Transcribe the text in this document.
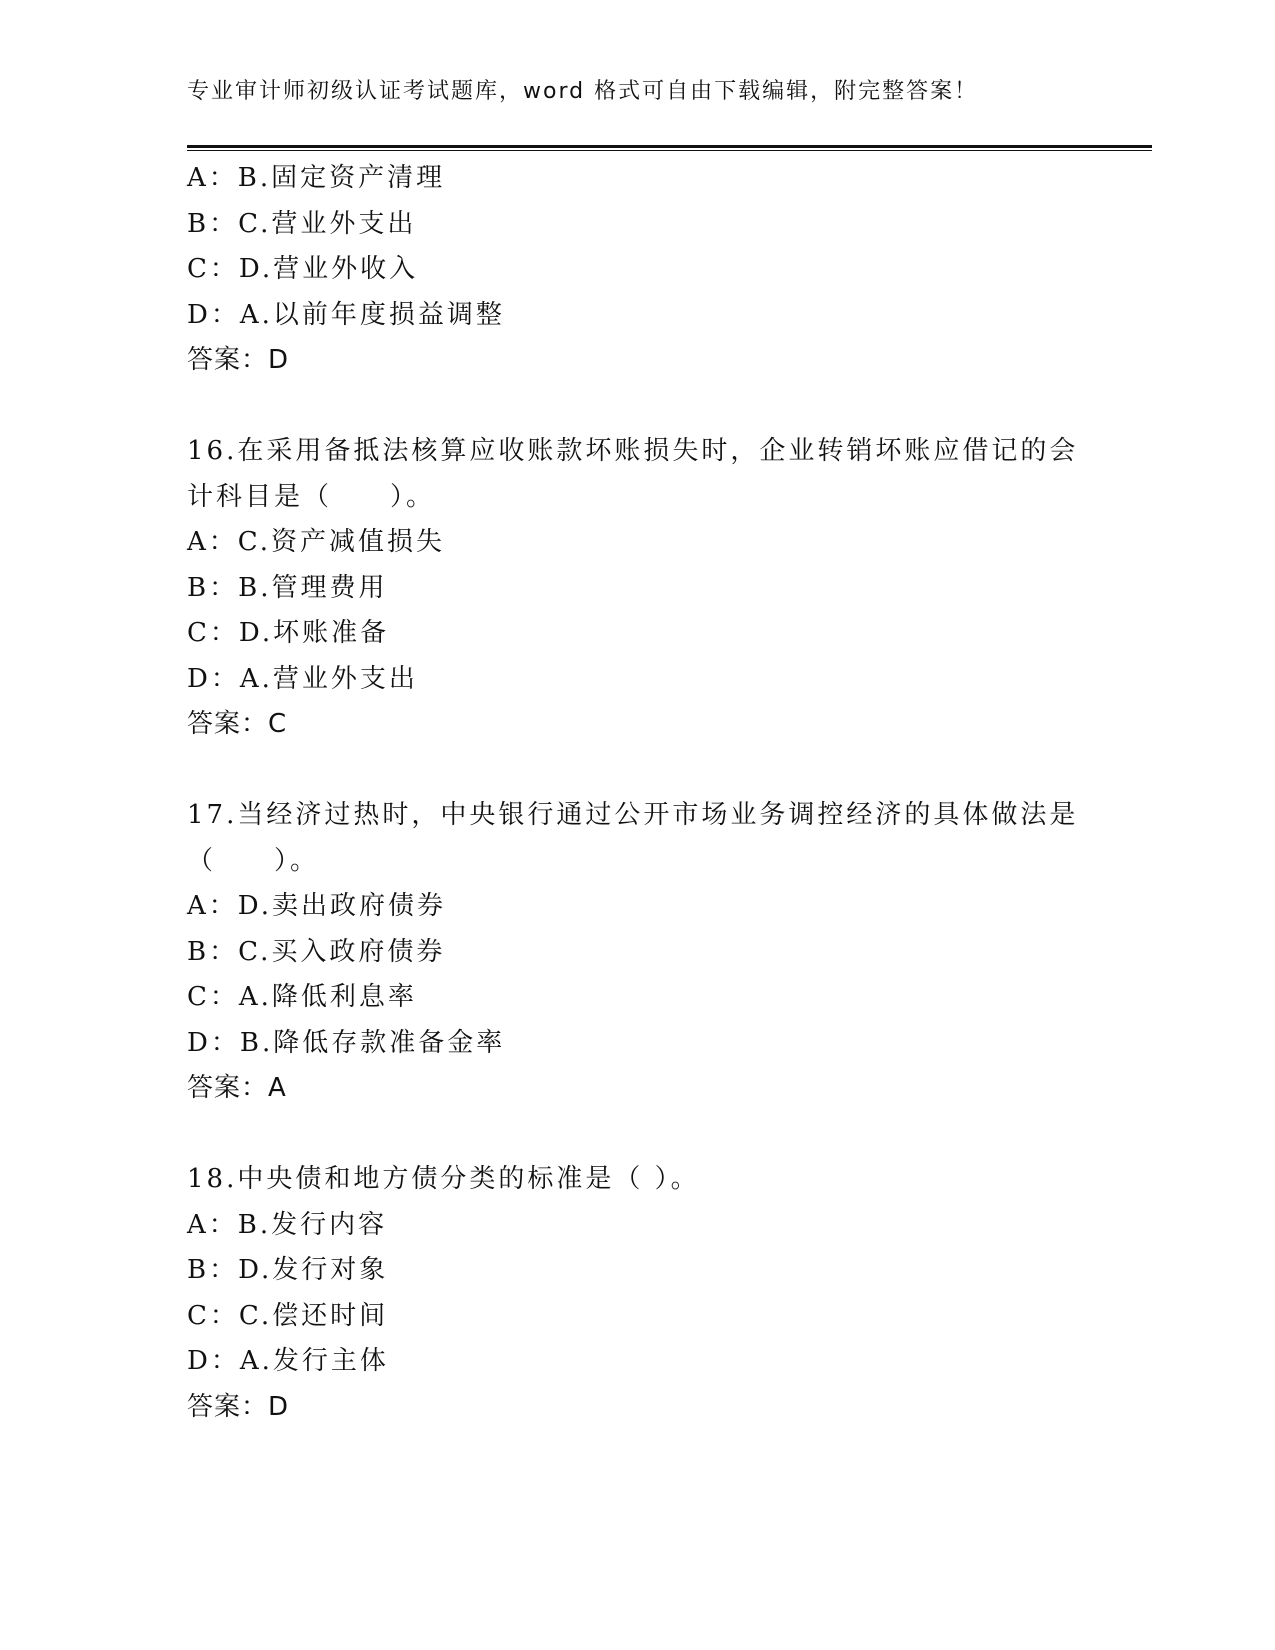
专业审计师初级认证考试题库，word 格式可自由下载编辑，附完整答案！
A：B.固定资产清理
B：C.营业外支出
C：D.营业外收入
D：A.以前年度损益调整
答案：D
16.在采用备抵法核算应收账款坏账损失时，企业转销坏账应借记的会
计科目是（　　）。
A：C.资产减值损失
B：B.管理费用
C：D.坏账准备
D：A.营业外支出
答案：C
17.当经济过热时，中央银行通过公开市场业务调控经济的具体做法是
（　　）。
A：D.卖出政府债券
B：C.买入政府债券
C：A.降低利息率
D：B.降低存款准备金率
答案：A
18.中央债和地方债分类的标准是（ ）。
A：B.发行内容
B：D.发行对象
C：C.偿还时间
D：A.发行主体
答案：D
